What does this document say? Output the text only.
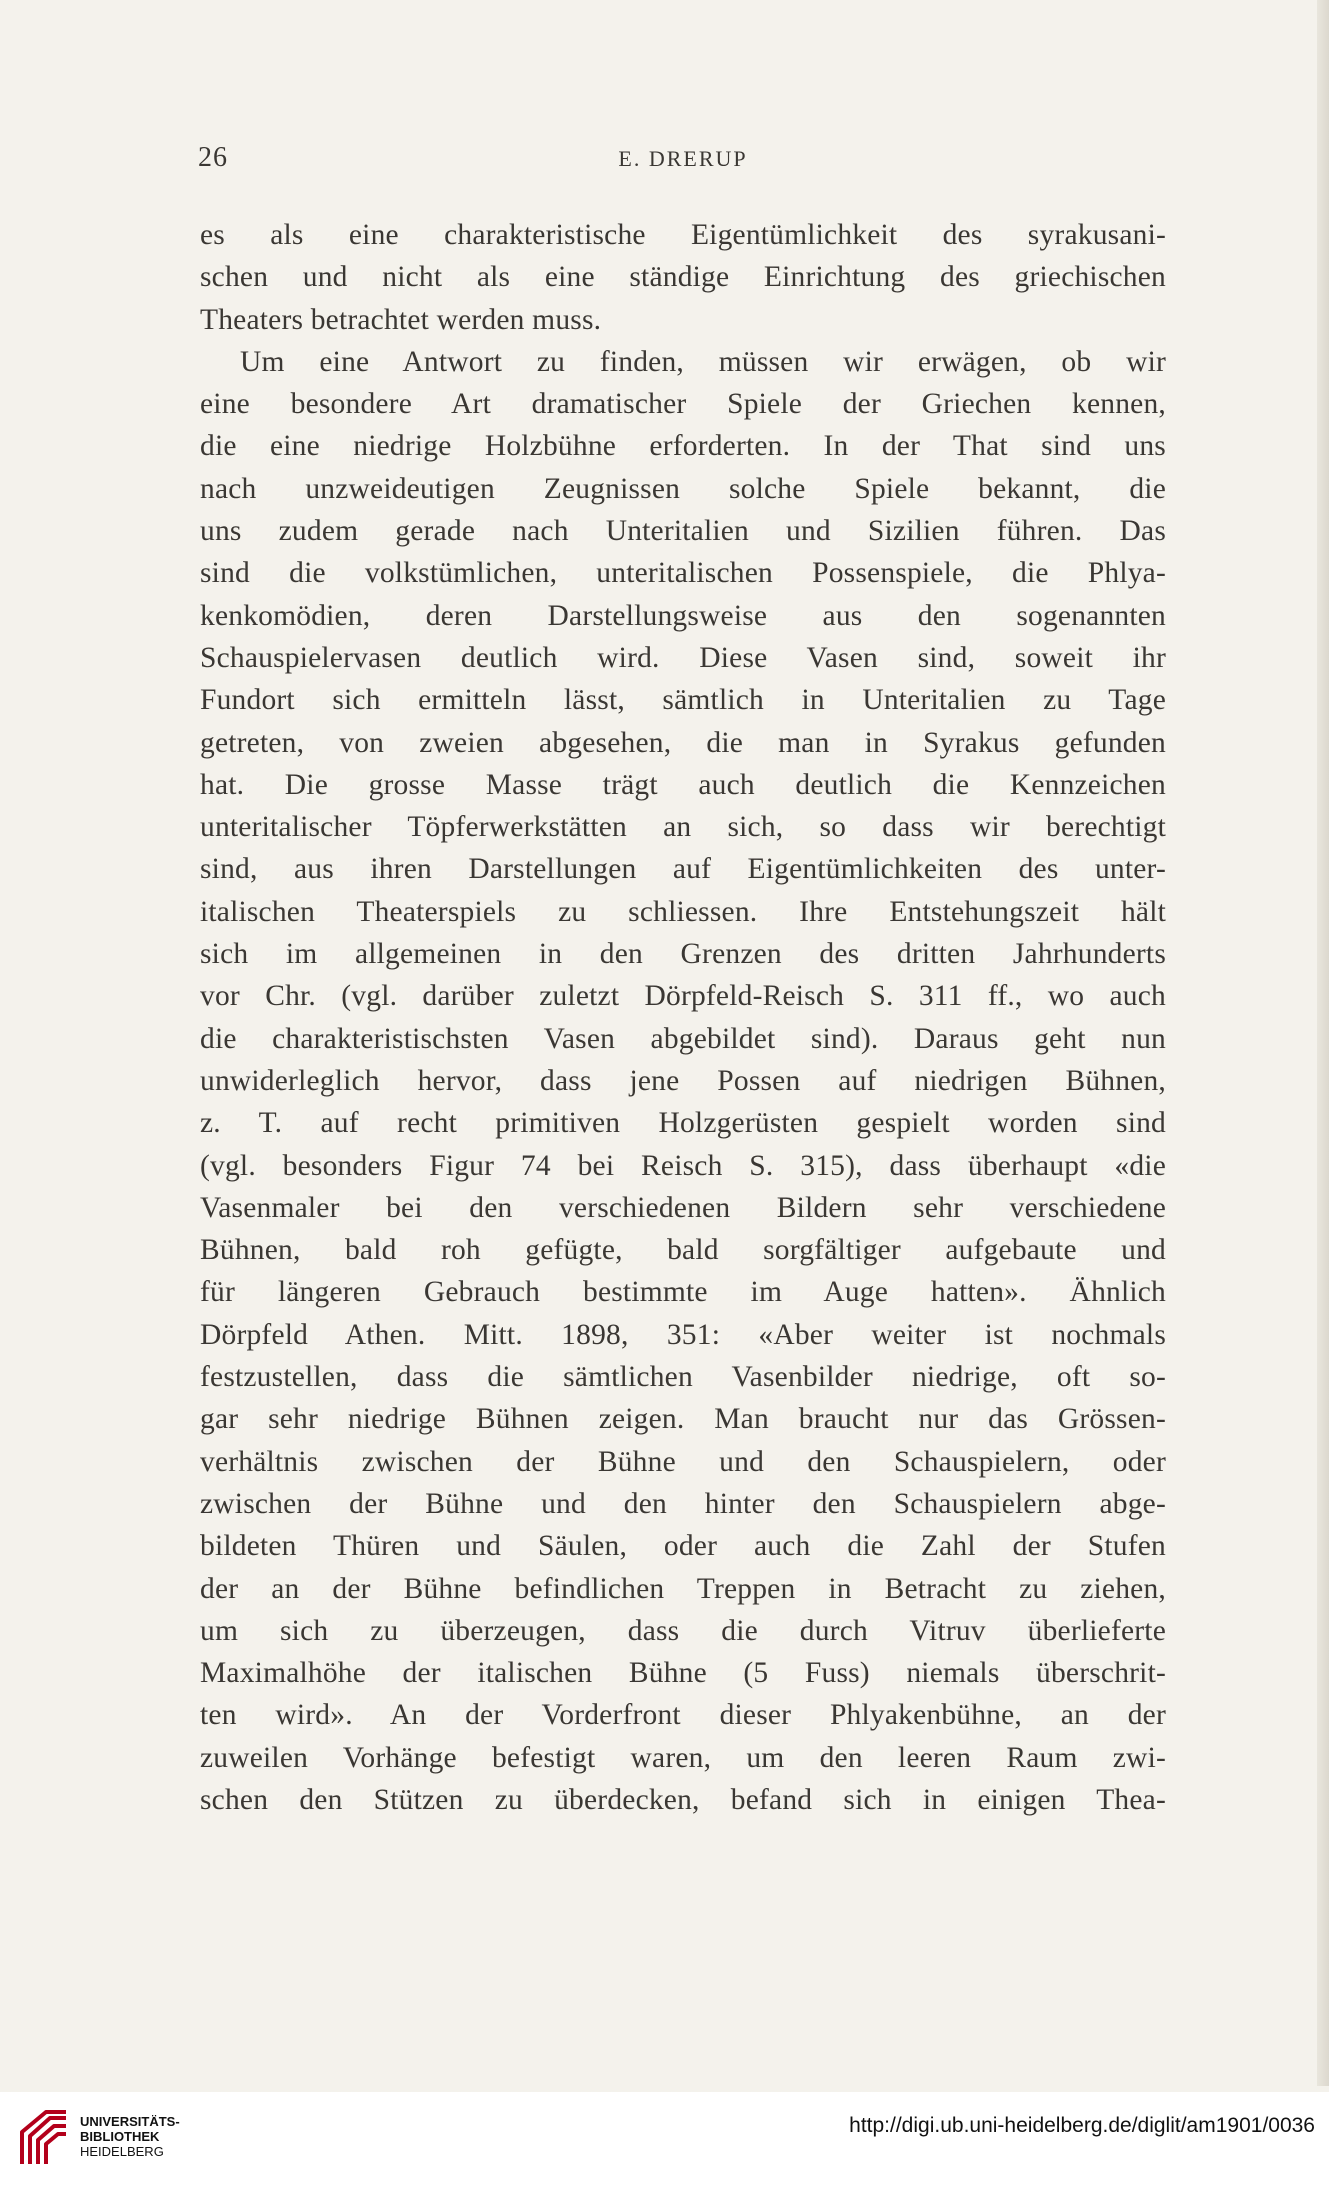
26	E. DRERUP
es als eine charakteristische Eigentümlichkeit des syrakusani-
schen und nicht als eine ständige Einrichtung des griechischen
Theaters betrachtet werden muss.
Um eine Antwort zu finden, müssen wir erwägen, ob wir
eine besondere Art dramatischer Spiele der Griechen kennen,
die eine niedrige Holzbühne erforderten. In der That sind uns
nach unzweideutigen Zeugnissen solche Spiele bekannt, die
uns zudem gerade nach Unteritalien und Sizilien führen. Das
sind die volkstümlichen, unteritalischen Possenspiele, die Phlya-
kenkomödien, deren Darstellungsweise aus den sogenannten
Schauspielervasen deutlich wird. Diese Vasen sind, soweit ihr
Fundort sich ermitteln lässt, sämtlich in Unteritalien zu Tage
getreten, von zweien abgesehen, die man in Syrakus gefunden
hat. Die grosse Masse trägt auch deutlich die Kennzeichen
unteritalischer Töpferwerkstätten an sich, so dass wir berechtigt
sind, aus ihren Darstellungen auf Eigentümlichkeiten des unter-
italischen Theaterspiels zu schliessen. Ihre Entstehungszeit hält
sich im allgemeinen in den Grenzen des dritten Jahrhunderts
vor Chr. (vgl. darüber zuletzt Dörpfeld-Reisch S. 311 ff., wo auch
die charakteristischsten Vasen abgebildet sind). Daraus geht nun
unwiderleglich hervor, dass jene Possen auf niedrigen Bühnen,
z. T. auf recht primitiven Holzgerüsten gespielt worden sind
(vgl. besonders Figur 74 bei Reisch S. 315), dass überhaupt «die
Vasenmaler bei den verschiedenen Bildern sehr verschiedene
Bühnen, bald roh gefügte, bald sorgfältiger aufgebaute und
für längeren Gebrauch bestimmte im Auge hatten». Ähnlich
Dörpfeld Athen. Mitt. 1898, 351: «Aber weiter ist nochmals
festzustellen, dass die sämtlichen Vasenbilder niedrige, oft so-
gar sehr niedrige Bühnen zeigen. Man braucht nur das Grössen-
verhältnis zwischen der Bühne und den Schauspielern, oder
zwischen der Bühne und den hinter den Schauspielern abge-
bildeten Thüren und Säulen, oder auch die Zahl der Stufen
der an der Bühne befindlichen Treppen in Betracht zu ziehen,
um sich zu überzeugen, dass die durch Vitruv überlieferte
Maximalhöhe der italischen Bühne (5 Fuss) niemals überschrit-
ten wird». An der Vorderfront dieser Phlyakenbühne, an der
zuweilen Vorhänge befestigt waren, um den leeren Raum zwi-
schen den Stützen zu überdecken, befand sich in einigen Thea-
UNIVERSITÄTS-
BIBLIOTHEK
HEIDELBERG
http://digi.ub.uni-heidelberg.de/diglit/am1901/0036
